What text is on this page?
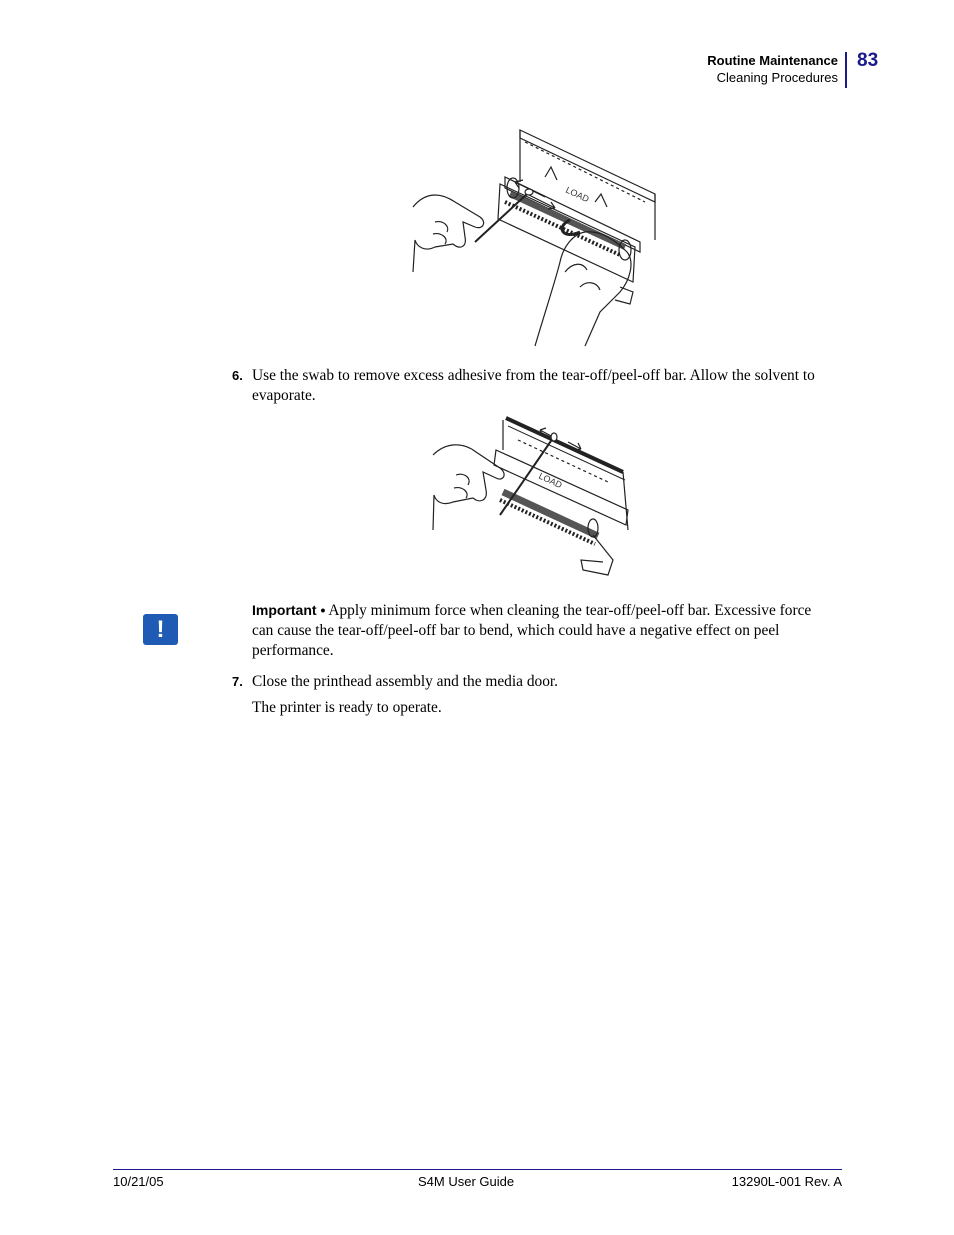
Routine Maintenance
Cleaning Procedures
83
LOAD
6. Use the swab to remove excess adhesive from the tear-off/peel-off bar. Allow the solvent to evaporate.
LOAD
!
Important • Apply minimum force when cleaning the tear-off/peel-off bar. Excessive force can cause the tear-off/peel-off bar to bend, which could have a negative effect on peel performance.
7. Close the printhead assembly and the media door.
The printer is ready to operate.
10/21/05	S4M User Guide	13290L-001 Rev. A
